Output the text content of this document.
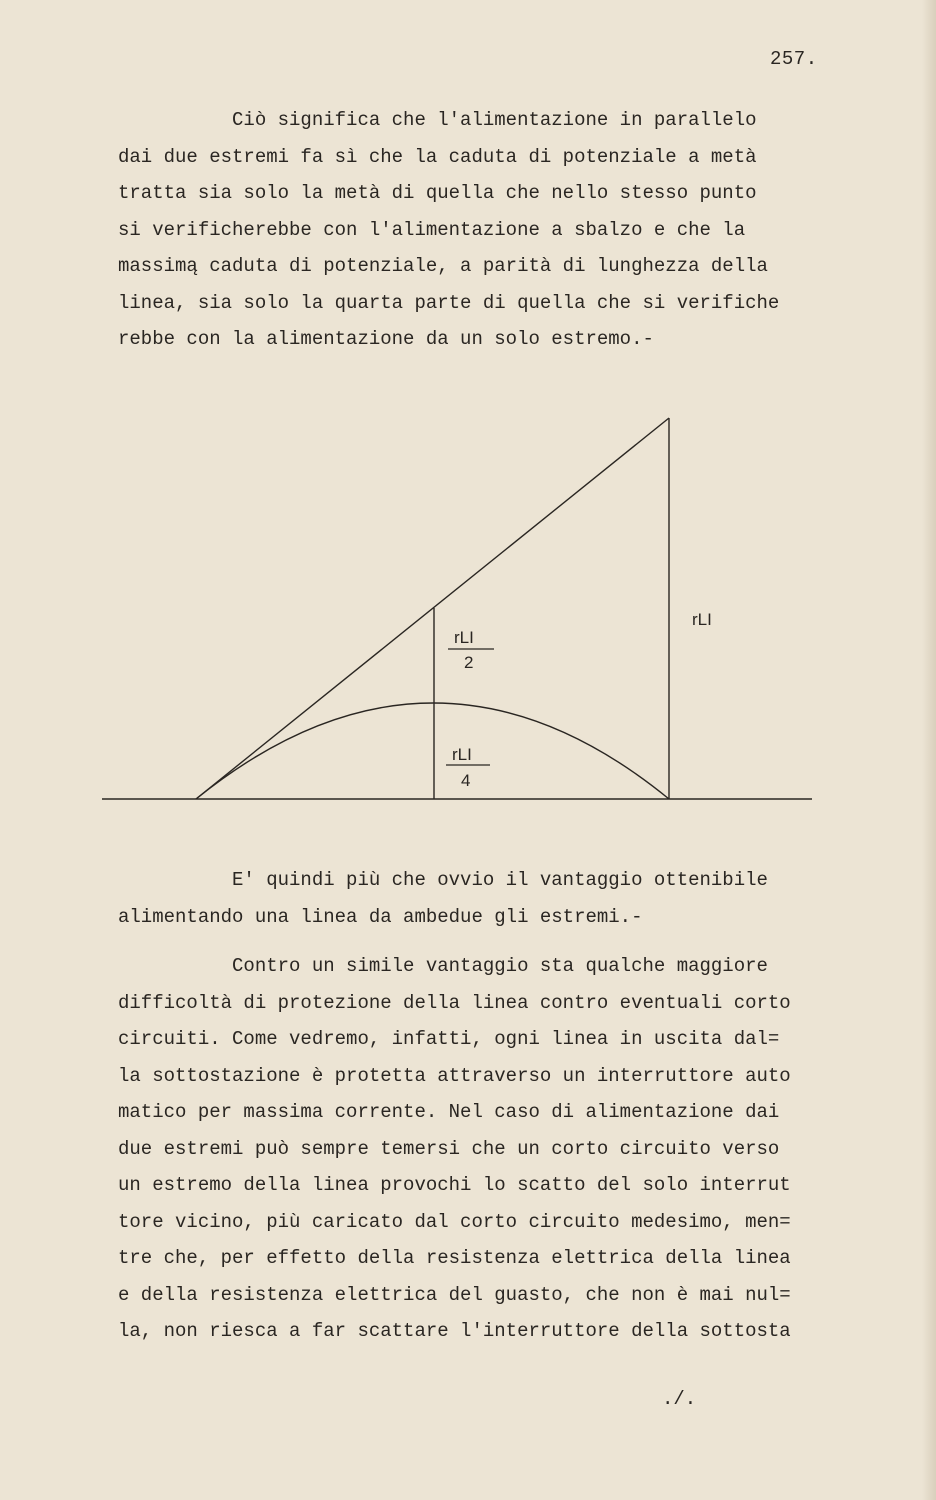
257.
Ciò significa che l'alimentazione in parallelo
dai due estremi fa sì che la caduta di potenziale a metà
tratta sia solo la metà di quella che nello stesso punto
si verificherebbe con l'alimentazione a sbalzo e che la
massimą caduta di potenziale, a parità di lunghezza della
linea, sia solo la quarta parte di quella che si verifiche
rebbe con la alimentazione da un solo estremo.-
rLI
rLI
2
rLI
4
E' quindi più che ovvio il vantaggio ottenibile
alimentando una linea da ambedue gli estremi.-
Contro un simile vantaggio sta qualche maggiore
difficoltà di protezione della linea contro eventuali corto
circuiti. Come vedremo, infatti, ogni linea in uscita dal=
la sottostazione è protetta attraverso un interruttore auto
matico per massima corrente. Nel caso di alimentazione dai
due estremi può sempre temersi che un corto circuito verso
un estremo della linea provochi lo scatto del solo interrut
tore vicino, più caricato dal corto circuito medesimo, men=
tre che, per effetto della resistenza elettrica della linea
e della resistenza elettrica del guasto, che non è mai nul=
la, non riesca a far scattare l'interruttore della sottosta
./.
